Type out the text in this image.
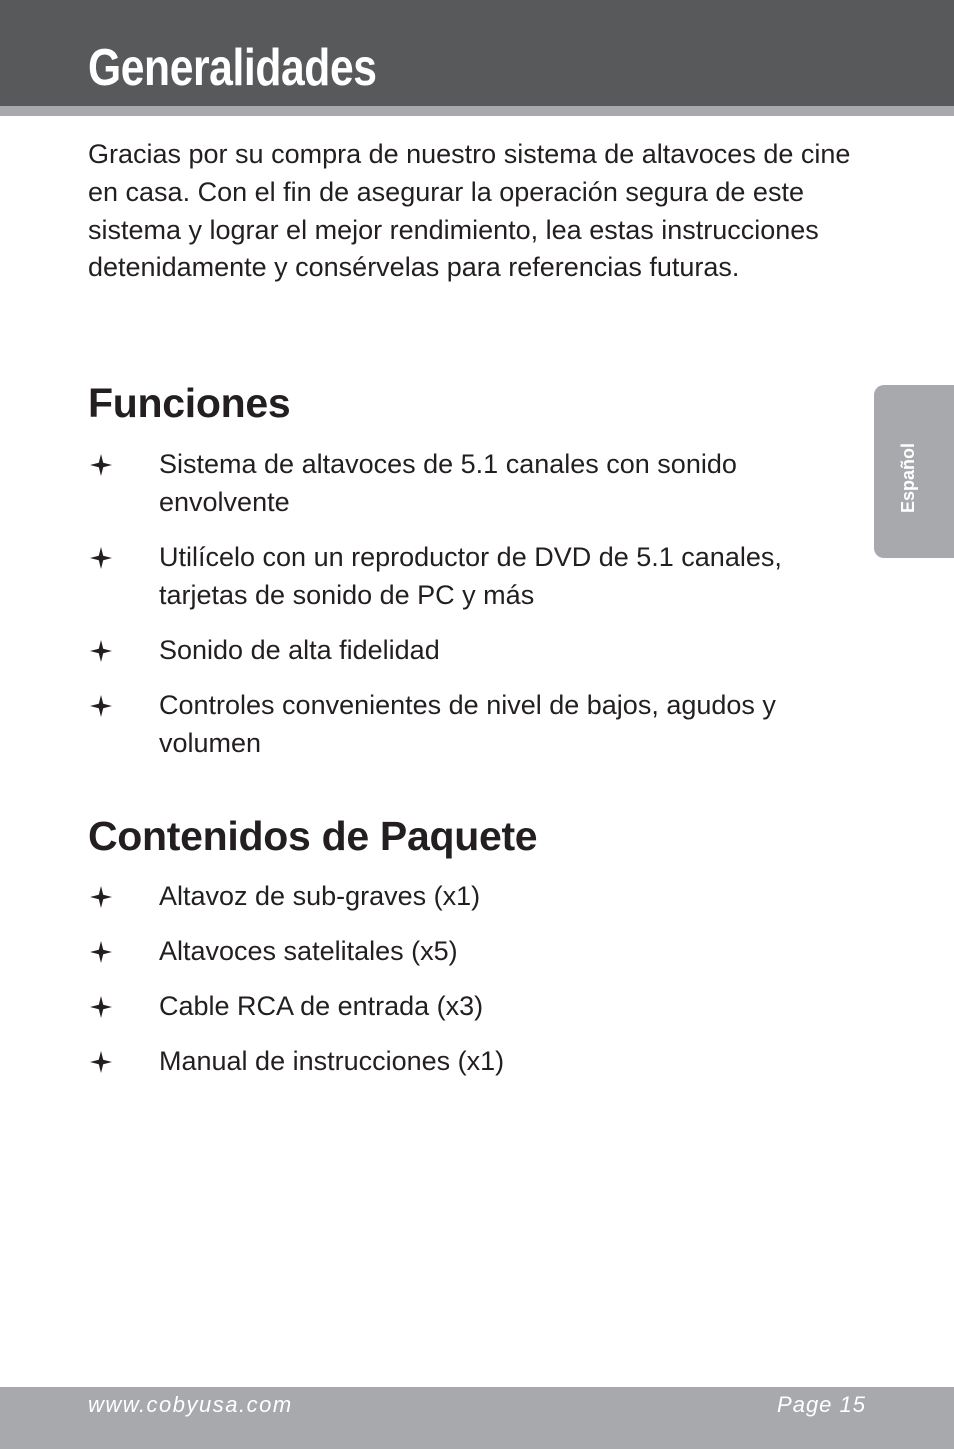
Generalidades

Gracias por su compra de nuestro sistema de altavoces de cine en casa. Con el fin de asegurar la operación segura de este sistema y lograr el mejor rendimiento, lea estas instrucciones detenidamente y consérvelas para referencias futuras.

Funciones
Sistema de altavoces de 5.1 canales con sonido envolvente
Utilícelo con un reproductor de DVD de 5.1 canales, tarjetas de sonido de PC y más
Sonido de alta fidelidad
Controles convenientes de nivel de bajos, agudos y volumen
Contenidos de Paquete
Altavoz de sub-graves (x1)
Altavoces satelitales (x5)
Cable RCA de entrada (x3)
Manual de instrucciones (x1)
Español
www.cobyusa.com	Page 15
